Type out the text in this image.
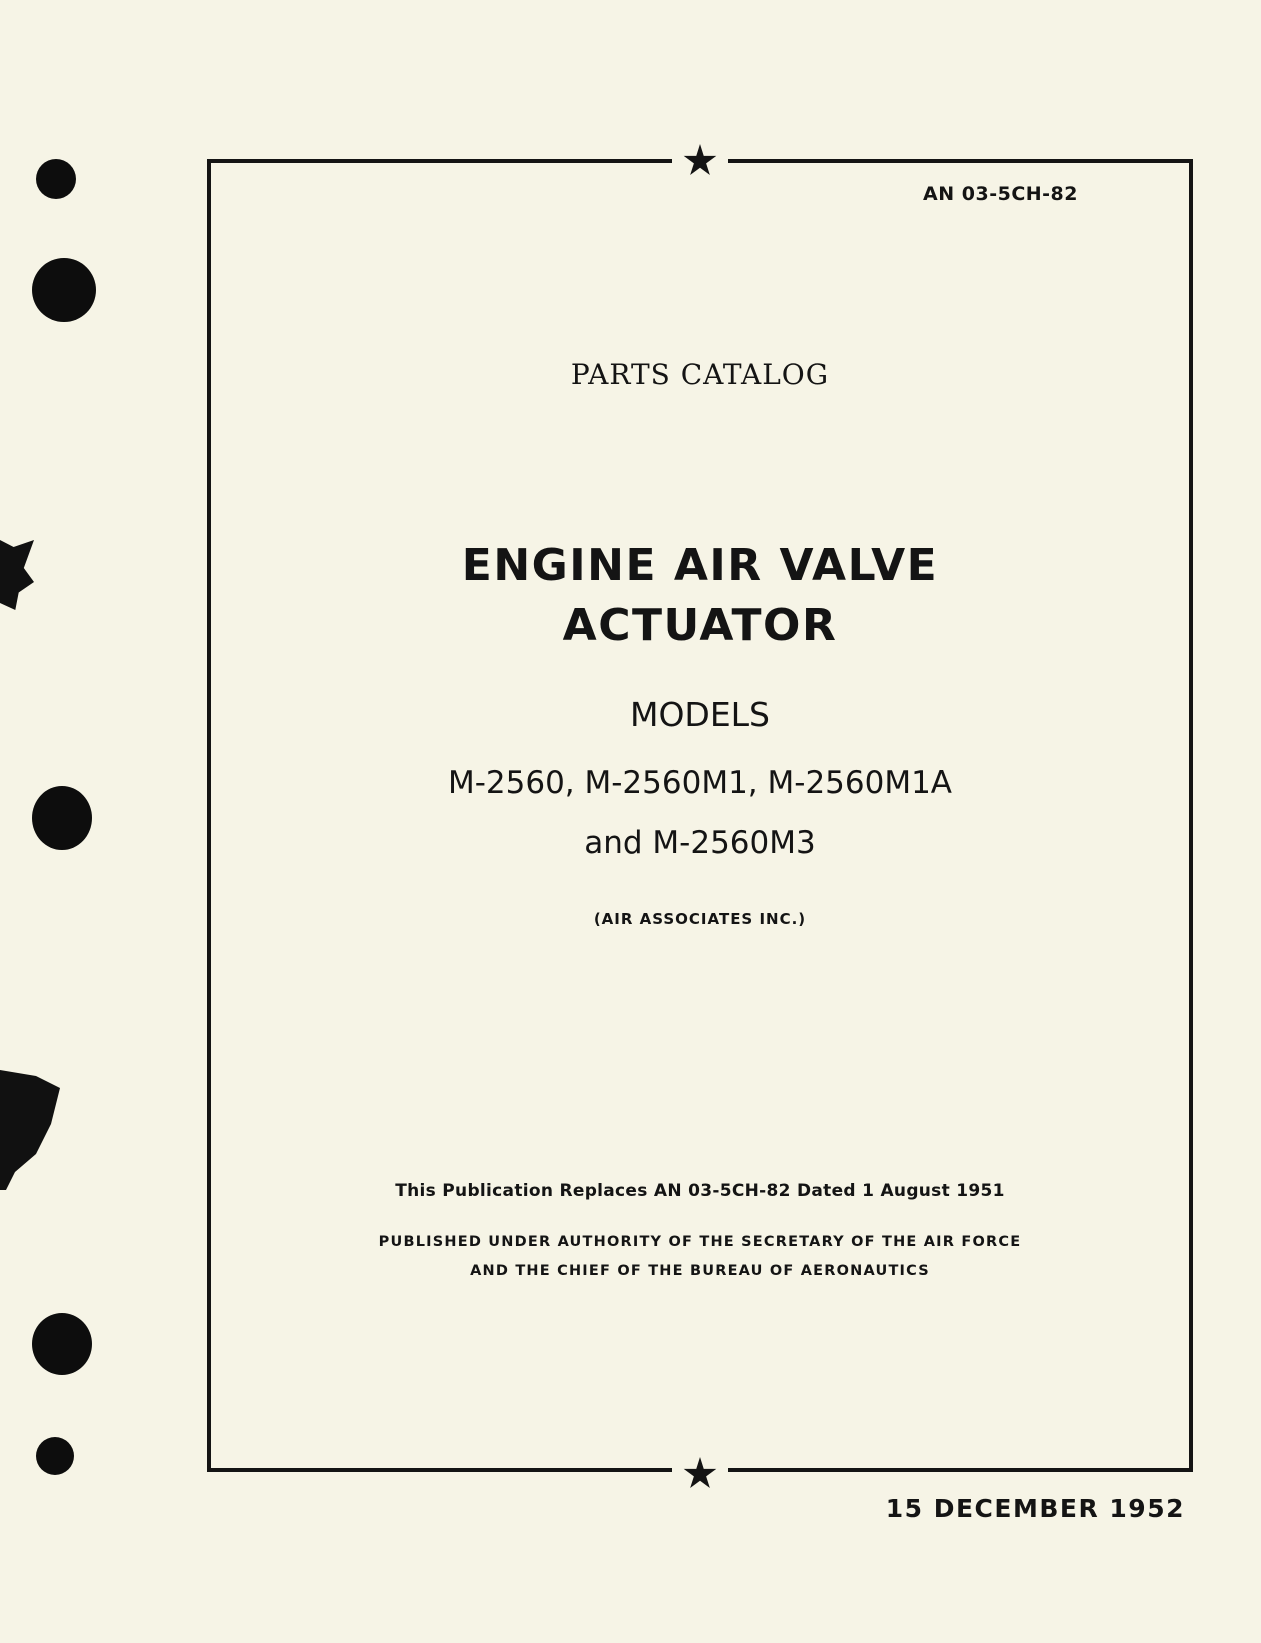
AN 03-5CH-82
PARTS CATALOG
ENGINE AIR VALVE
ACTUATOR
MODELS
M-2560, M-2560M1, M-2560M1A
and M-2560M3
(AIR ASSOCIATES INC.)
This Publication Replaces AN 03-5CH-82 Dated 1 August 1951
PUBLISHED UNDER AUTHORITY OF THE SECRETARY OF THE AIR FORCE
AND THE CHIEF OF THE BUREAU OF AERONAUTICS
15 DECEMBER 1952
